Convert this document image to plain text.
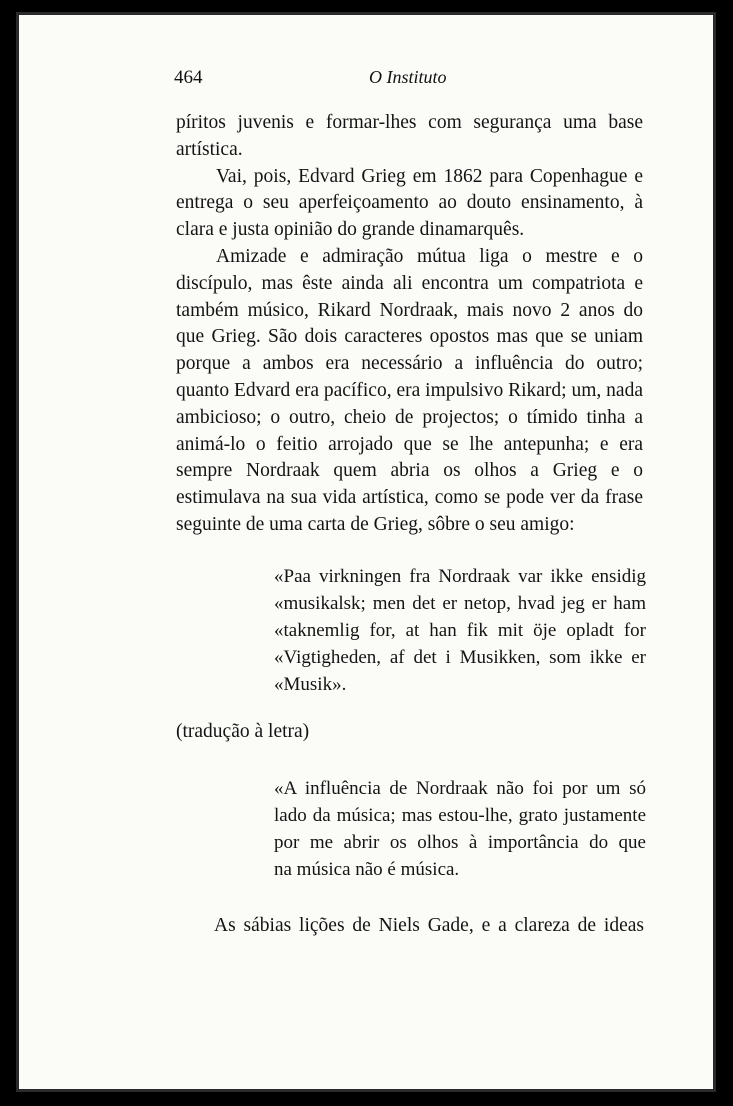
464	O Instituto

píritos juvenis e formar-lhes com segurança uma base artística.

Vai, pois, Edvard Grieg em 1862 para Copenhague e entrega o seu aperfeiçoamento ao douto ensinamento, à clara e justa opinião do grande dinamarquês.

Amizade e admiração mútua liga o mestre e o discípulo, mas êste ainda ali encontra um compatriota e também músico, Rikard Nordraak, mais novo 2 anos do que Grieg. São dois caracteres opostos mas que se uniam porque a ambos era necessário a influência do outro; quanto Edvard era pacífico, era impulsivo Rikard; um, nada ambicioso; o outro, cheio de projectos; o tímido tinha a animá-lo o feitio arrojado que se lhe antepunha; e era sempre Nordraak quem abria os olhos a Grieg e o estimulava na sua vida artística, como se pode ver da frase seguinte de uma carta de Grieg, sôbre o seu amigo:

«Paa virkningen fra Nordraak var ikke ensidig
«musikalsk; men det er netop, hvad jeg er ham
«taknemlig for, at han fik mit öje opladt for
«Vigtigheden, af det i Musikken, som ikke er
«Musik».
(tradução à letra)
«A influência de Nordraak não foi por um só
lado da música; mas estou-lhe, grato justamente
por me abrir os olhos à importância do que
na música não é música.
As sábias lições de Niels Gade, e a clareza de ideas
